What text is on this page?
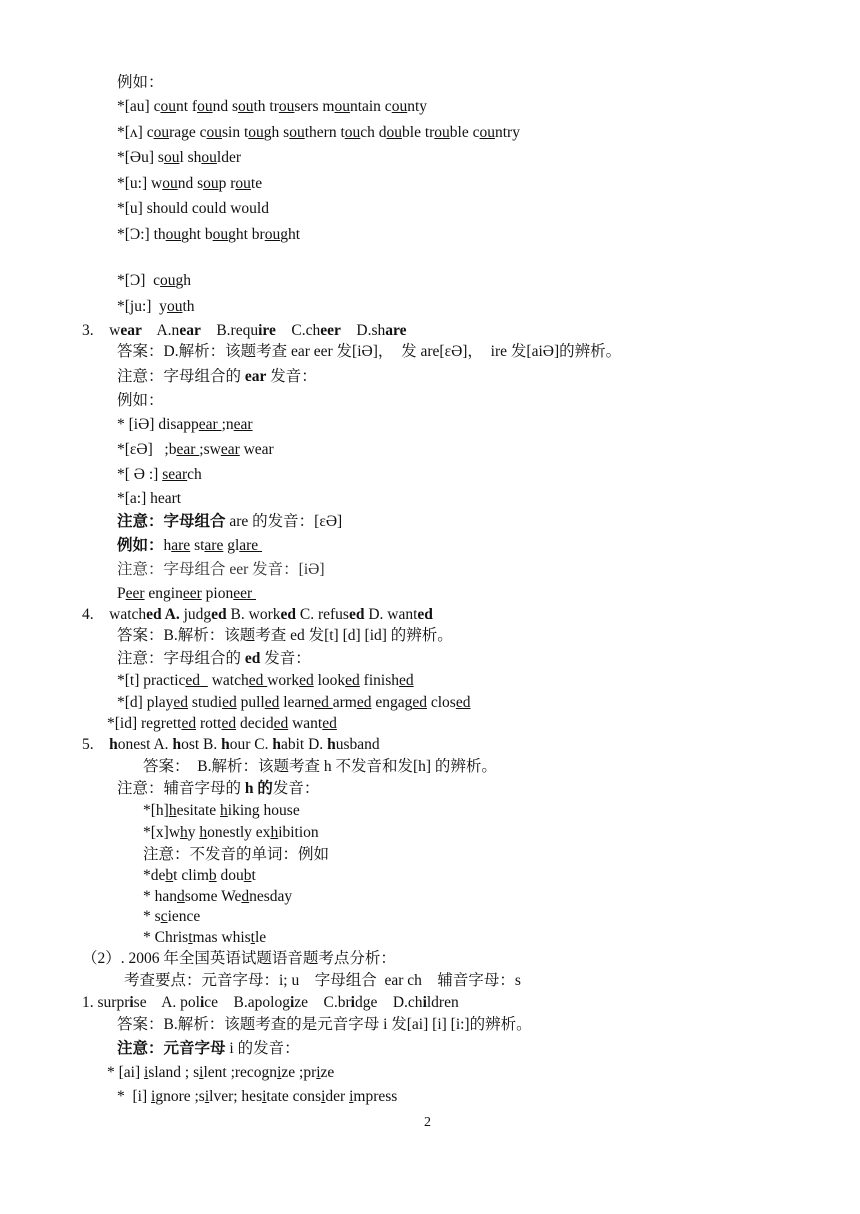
例如：
*[au] count found south trousers mountain county
*[ʌ] courage cousin tough southern touch double trouble country
*[Əu] soul shoulder
*[u:] wound soup route
*[u] should could would
*[Ɔ:] thought bought brought
*[Ɔ]  cough
*[ju:]  youth
3.    wear    A.near    B.require    C.cheer    D.share
答案：D.解析：该题考查 ear eer 发[iƏ]，  发 are[εƏ]，  ire 发[aiƏ]的辨析。
注意：字母组合的 ear 发音：
例如：
* [iƏ] disappear ;near
*[εƏ]   ;bear ;swear wear
*[ Ə :] search
*[a:] heart
注意：字母组合 are 的发音：[εƏ]
例如：hare stare glare
注意：字母组合 eer 发音：[iƏ]
Peer engineer pioneer
4.    watched A. judged B. worked C. refused D. wanted
答案：B.解析：该题考查 ed 发[t] [d] [id] 的辨析。
注意：字母组合的 ed 发音：
*[t] practiced   watched worked looked finished
*[d] played studied pulled learned armed engaged closed
*[id] regretted rotted decided wanted
5.    honest A. host B. hour C. habit D. husband
答案：  B.解析：该题考查 h 不发音和发[h] 的辨析。
注意：辅音字母的 h 的发音：
*[h]hesitate hiking house
*[x]why honestly exhibition
注意：不发音的单词：例如
*debt climb doubt
* handsome Wednesday
* science
* Christmas whistle
（2）. 2006 年全国英语试题语音题考点分析：
考查要点：元音字母：i; u    字母组合  ear ch    辅音字母：s
1. surprise    A. police    B.apologize    C.bridge    D.children
答案：B.解析：该题考查的是元音字母 i 发[ai] [i] [i:]的辨析。
注意：元音字母 i 的发音：
* [ai] island ; silent ;recognize ;prize
*  [i] ignore ;silver; hesitate consider impress
2
